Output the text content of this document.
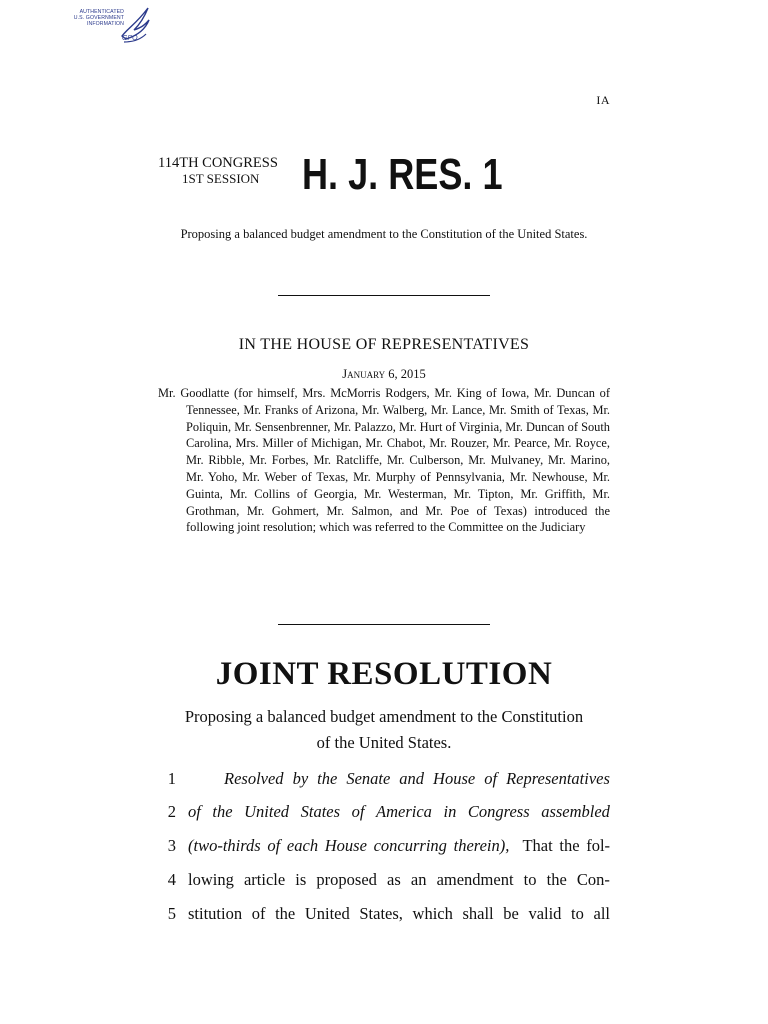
AUTHENTICATED
U.S. GOVERNMENT
INFORMATION
GPO
IA
114TH CONGRESS
1ST SESSION H. J. RES. 1
Proposing a balanced budget amendment to the Constitution of the United States.
IN THE HOUSE OF REPRESENTATIVES
January 6, 2015
Mr. Goodlatte (for himself, Mrs. McMorris Rodgers, Mr. King of Iowa, Mr. Duncan of Tennessee, Mr. Franks of Arizona, Mr. Walberg, Mr. Lance, Mr. Smith of Texas, Mr. Poliquin, Mr. Sensenbrenner, Mr. Palazzo, Mr. Hurt of Virginia, Mr. Duncan of South Carolina, Mrs. Miller of Michigan, Mr. Chabot, Mr. Rouzer, Mr. Pearce, Mr. Royce, Mr. Ribble, Mr. Forbes, Mr. Ratcliffe, Mr. Culberson, Mr. Mulvaney, Mr. Marino, Mr. Yoho, Mr. Weber of Texas, Mr. Murphy of Pennsylvania, Mr. Newhouse, Mr. Guinta, Mr. Collins of Georgia, Mr. Westerman, Mr. Tipton, Mr. Griffith, Mr. Grothman, Mr. Gohmert, Mr. Salmon, and Mr. Poe of Texas) introduced the following joint resolution; which was referred to the Committee on the Judiciary
JOINT RESOLUTION
Proposing a balanced budget amendment to the Constitution
of the United States.
1	Resolved by the Senate and House of Representatives
2 of the United States of America in Congress assembled
3 (two-thirds of each House concurring therein), That the fol-
4 lowing article is proposed as an amendment to the Con-
5 stitution of the United States, which shall be valid to all
